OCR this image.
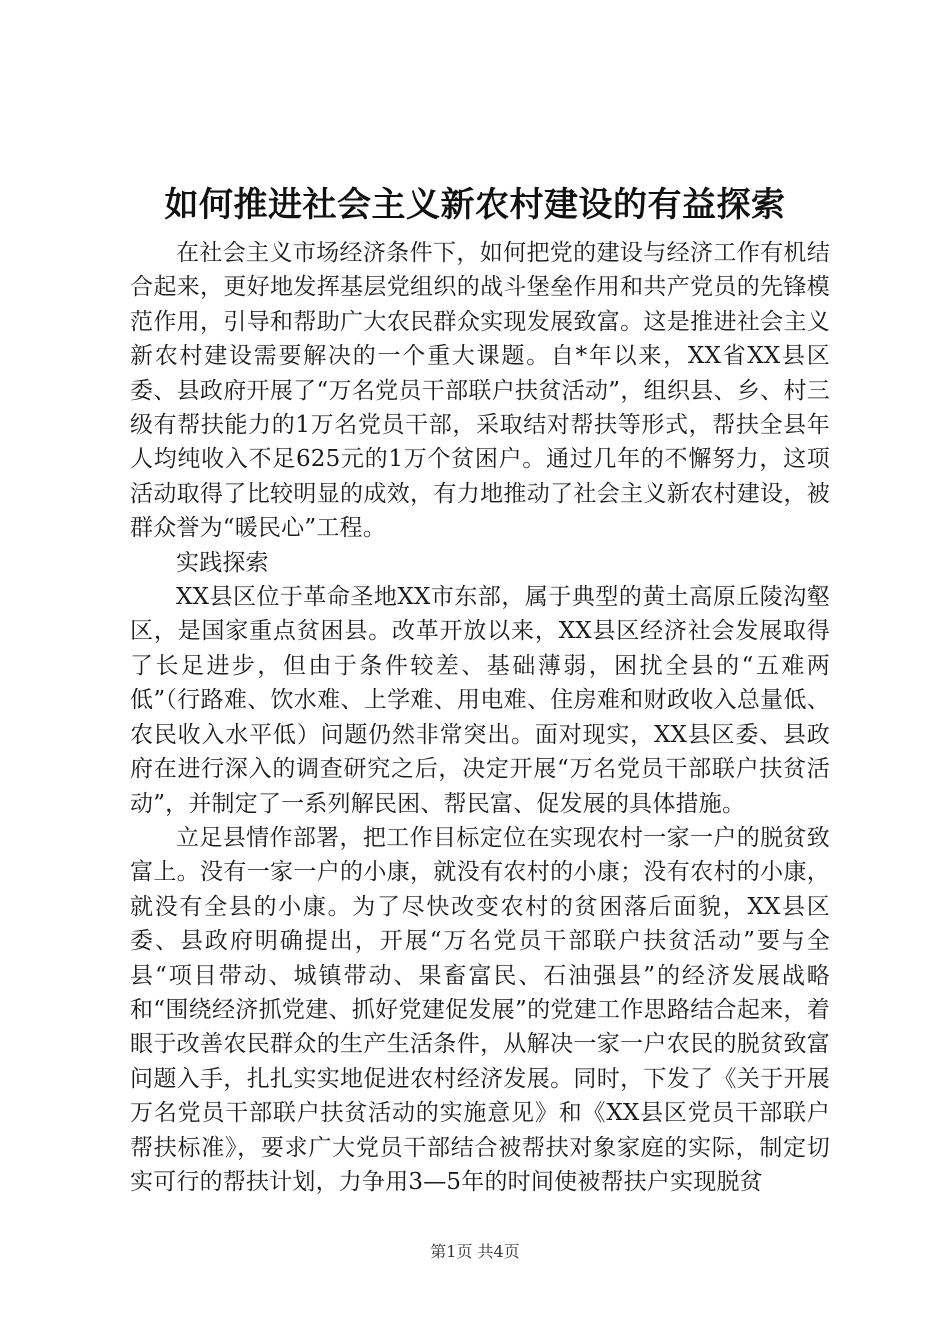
如何推进社会主义新农村建设的有益探索

在社会主义市场经济条件下，如何把党的建设与经济工作有机结合起来，更好地发挥基层党组织的战斗堡垒作用和共产党员的先锋模范作用，引导和帮助广大农民群众实现发展致富。这是推进社会主义新农村建设需要解决的一个重大课题。自*年以来，XX省XX县区委、县政府开展了“万名党员干部联户扶贫活动”，组织县、乡、村三级有帮扶能力的1万名党员干部，采取结对帮扶等形式，帮扶全县年人均纯收入不足625元的1万个贫困户。通过几年的不懈努力，这项活动取得了比较明显的成效，有力地推动了社会主义新农村建设，被群众誉为“暖民心”工程。

实践探索

XX县区位于革命圣地XX市东部，属于典型的黄土高原丘陵沟壑区，是国家重点贫困县。改革开放以来，XX县区经济社会发展取得了长足进步，但由于条件较差、基础薄弱，困扰全县的“五难两低”（行路难、饮水难、上学难、用电难、住房难和财政收入总量低、农民收入水平低）问题仍然非常突出。面对现实，XX县区委、县政府在进行深入的调查研究之后，决定开展“万名党员干部联户扶贫活动”，并制定了一系列解民困、帮民富、促发展的具体措施。

立足县情作部署，把工作目标定位在实现农村一家一户的脱贫致富上。没有一家一户的小康，就没有农村的小康；没有农村的小康，就没有全县的小康。为了尽快改变农村的贫困落后面貌，XX县区委、县政府明确提出，开展“万名党员干部联户扶贫活动”要与全县“项目带动、城镇带动、果畜富民、石油强县”的经济发展战略和“围绕经济抓党建、抓好党建促发展”的党建工作思路结合起来，着眼于改善农民群众的生产生活条件，从解决一家一户农民的脱贫致富问题入手，扎扎实实地促进农村经济发展。同时，下发了《关于开展万名党员干部联户扶贫活动的实施意见》和《XX县区党员干部联户帮扶标准》，要求广大党员干部结合被帮扶对象家庭的实际，制定切实可行的帮扶计划，力争用3—5年的时间使被帮扶户实现脱贫

第1页 共4页
